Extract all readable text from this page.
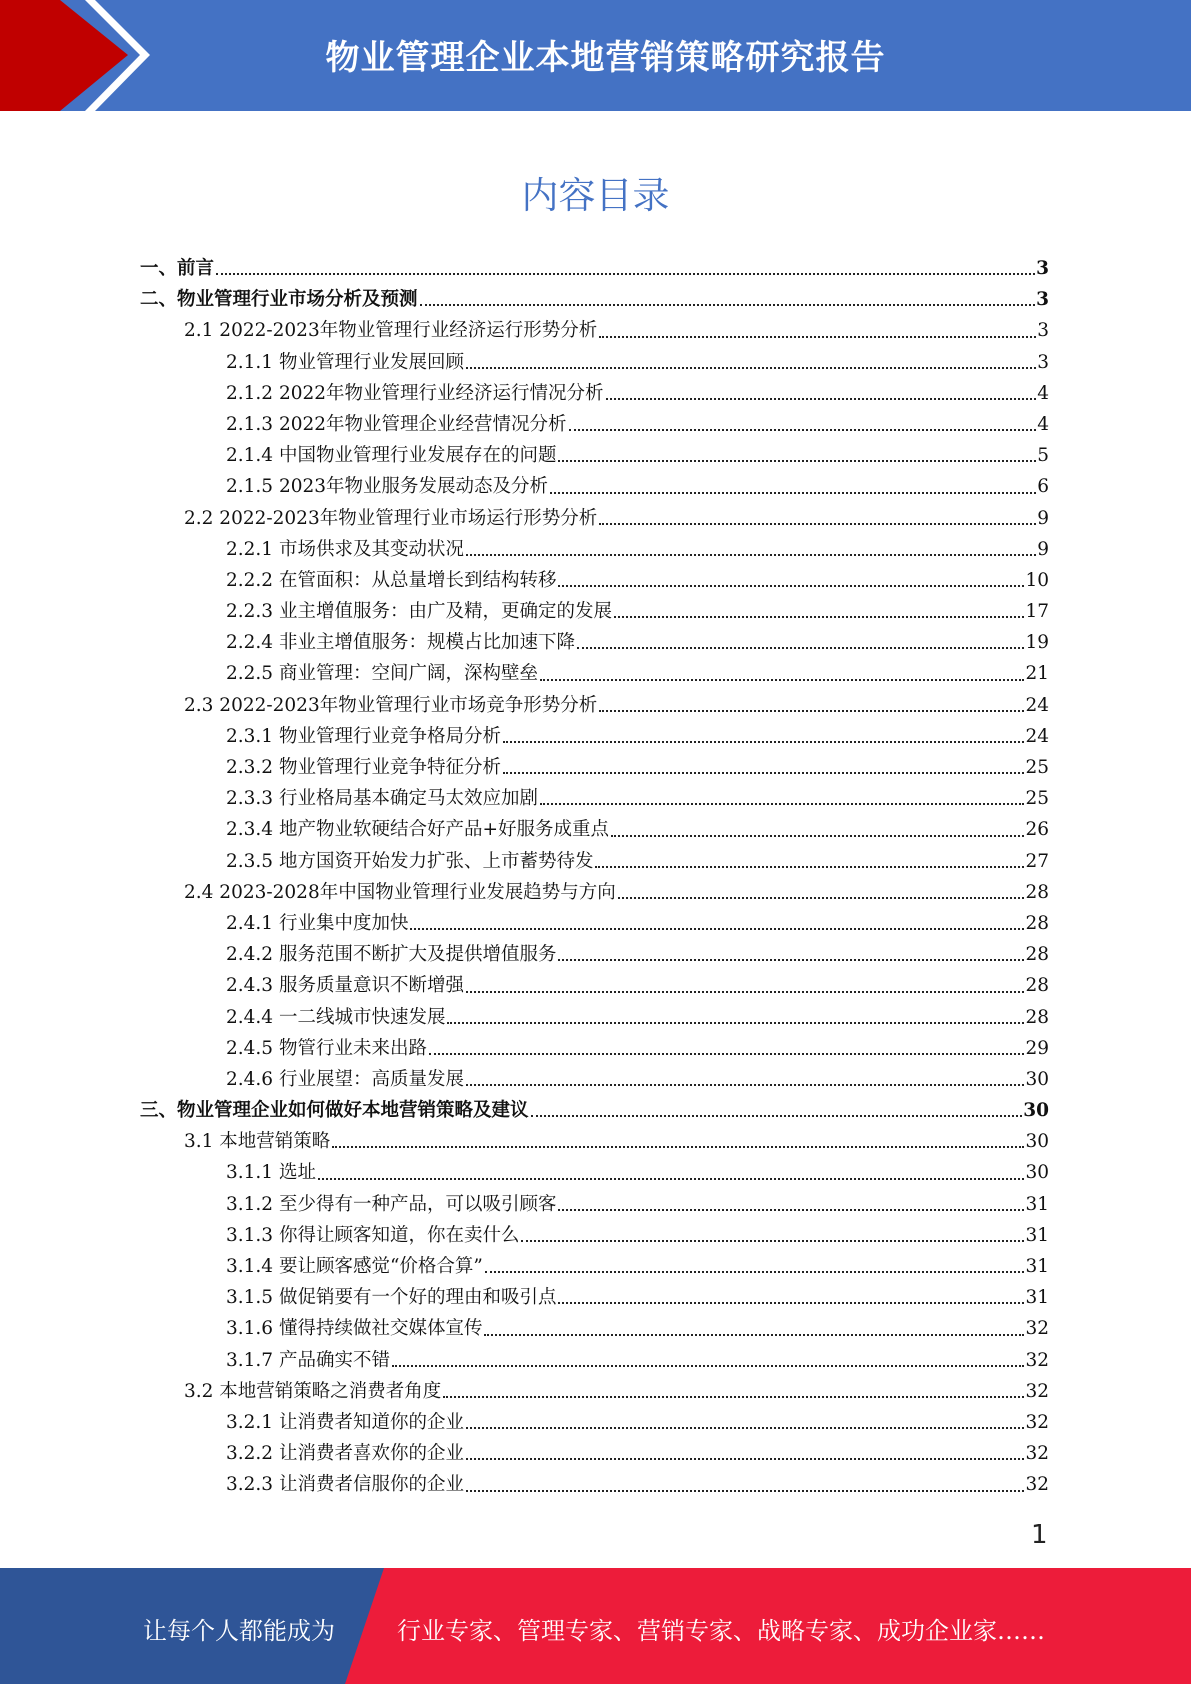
物业管理企业本地营销策略研究报告
内容目录
一、前言	3
二、物业管理行业市场分析及预测	3
2.1 2022-2023年物业管理行业经济运行形势分析	3
2.1.1 物业管理行业发展回顾	3
2.1.2 2022年物业管理行业经济运行情况分析	4
2.1.3 2022年物业管理企业经营情况分析	4
2.1.4 中国物业管理行业发展存在的问题	5
2.1.5 2023年物业服务发展动态及分析	6
2.2 2022-2023年物业管理行业市场运行形势分析	9
2.2.1 市场供求及其变动状况	9
2.2.2 在管面积：从总量增长到结构转移	10
2.2.3 业主增值服务：由广及精，更确定的发展	17
2.2.4 非业主增值服务：规模占比加速下降	19
2.2.5 商业管理：空间广阔，深构壁垒	21
2.3 2022-2023年物业管理行业市场竞争形势分析	24
2.3.1 物业管理行业竞争格局分析	24
2.3.2 物业管理行业竞争特征分析	25
2.3.3 行业格局基本确定马太效应加剧	25
2.3.4 地产物业软硬结合好产品+好服务成重点	26
2.3.5 地方国资开始发力扩张、上市蓄势待发	27
2.4 2023-2028年中国物业管理行业发展趋势与方向	28
2.4.1 行业集中度加快	28
2.4.2 服务范围不断扩大及提供增值服务	28
2.4.3 服务质量意识不断增强	28
2.4.4 一二线城市快速发展	28
2.4.5 物管行业未来出路	29
2.4.6 行业展望：高质量发展	30
三、物业管理企业如何做好本地营销策略及建议	30
3.1 本地营销策略	30
3.1.1 选址	30
3.1.2 至少得有一种产品，可以吸引顾客	31
3.1.3 你得让顾客知道，你在卖什么	31
3.1.4 要让顾客感觉“价格合算”	31
3.1.5 做促销要有一个好的理由和吸引点	31
3.1.6 懂得持续做社交媒体宣传	32
3.1.7 产品确实不错	32
3.2 本地营销策略之消费者角度	32
3.2.1 让消费者知道你的企业	32
3.2.2 让消费者喜欢你的企业	32
3.2.3 让消费者信服你的企业	32
1
让每个人都能成为	行业专家、管理专家、营销专家、战略专家、成功企业家……
